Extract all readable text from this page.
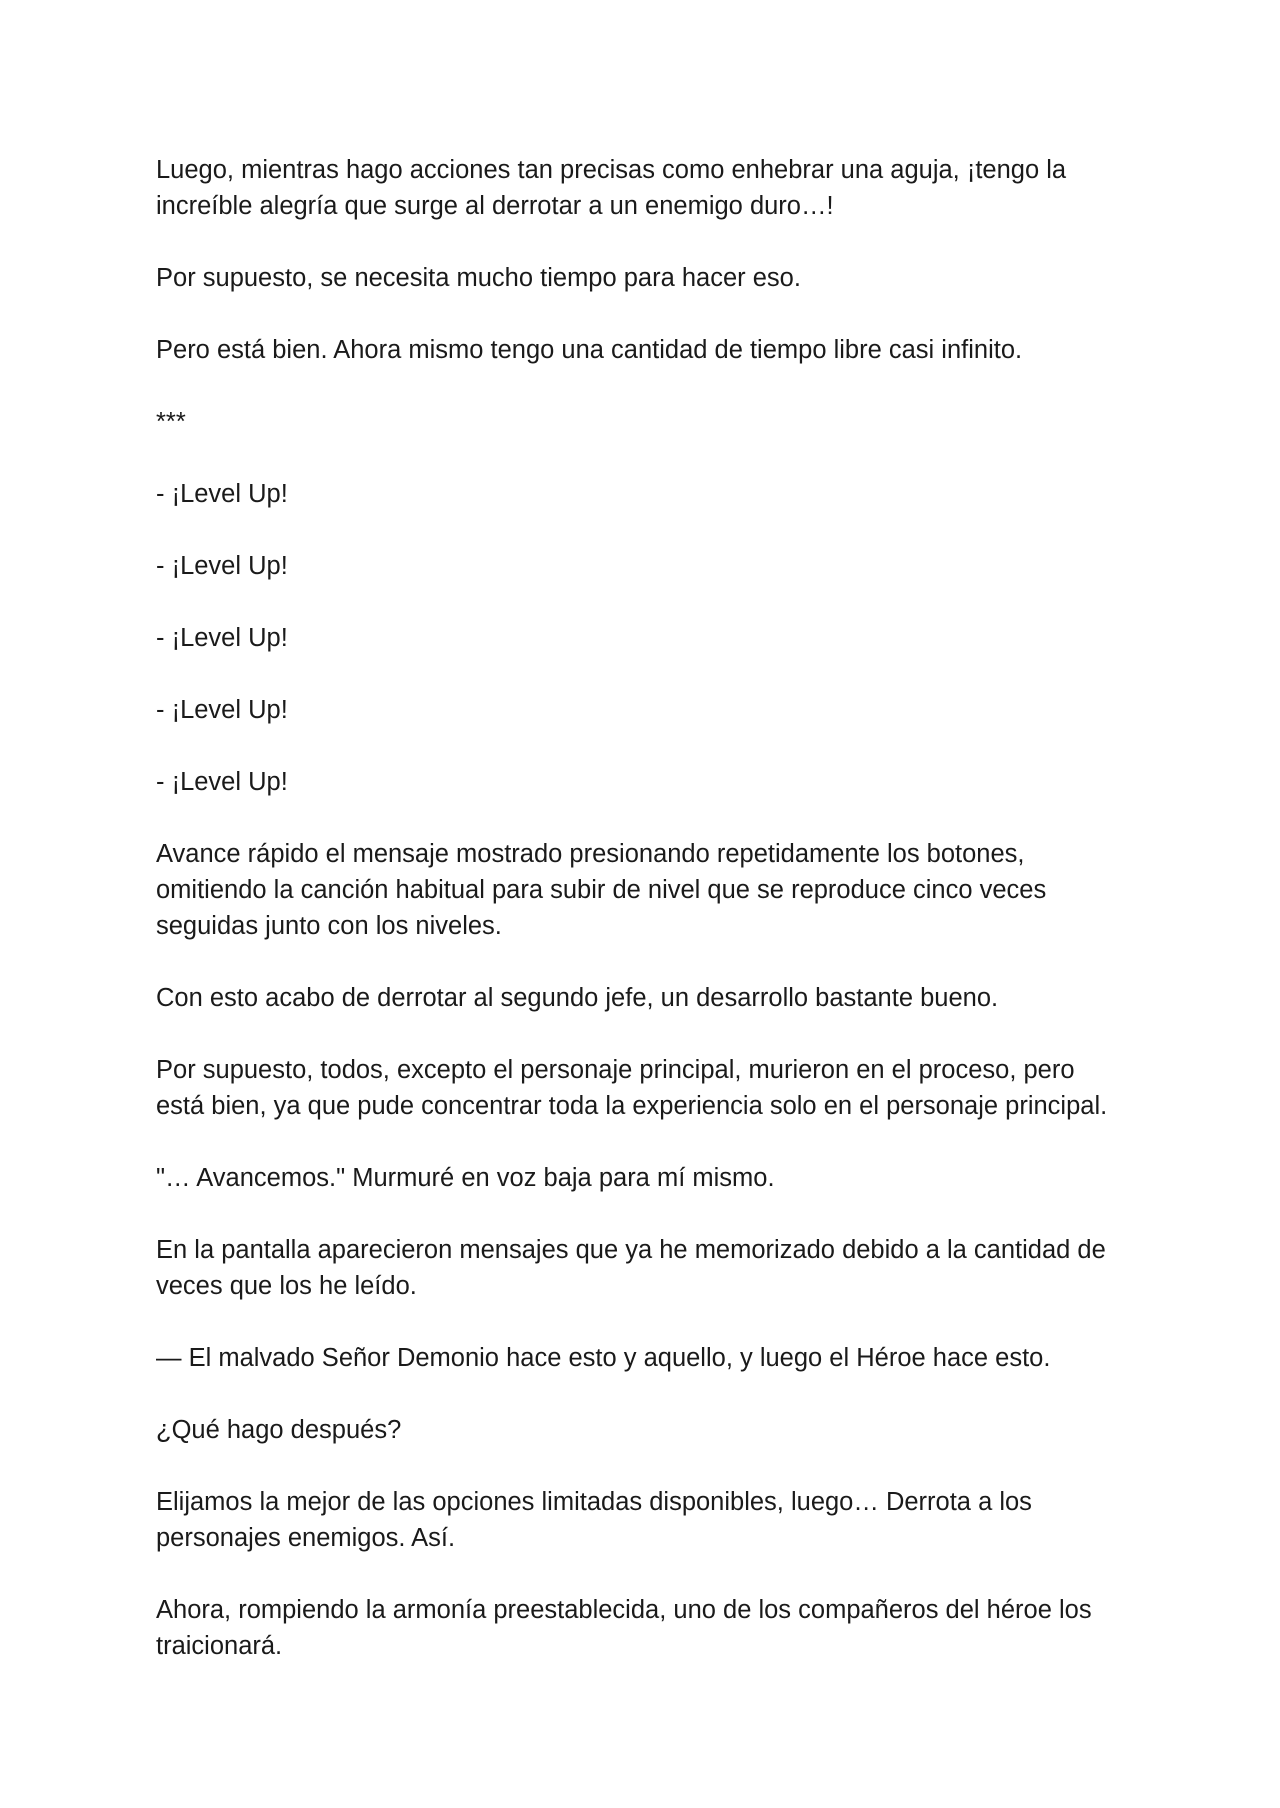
Luego, mientras hago acciones tan precisas como enhebrar una aguja, ¡tengo la
increíble alegría que surge al derrotar a un enemigo duro…!

Por supuesto, se necesita mucho tiempo para hacer eso.

Pero está bien. Ahora mismo tengo una cantidad de tiempo libre casi infinito.

***

- ¡Level Up!

- ¡Level Up!

- ¡Level Up!

- ¡Level Up!

- ¡Level Up!

Avance rápido el mensaje mostrado presionando repetidamente los botones,
omitiendo la canción habitual para subir de nivel que se reproduce cinco veces
seguidas junto con los niveles.

Con esto acabo de derrotar al segundo jefe, un desarrollo bastante bueno.

Por supuesto, todos, excepto el personaje principal, murieron en el proceso, pero
está bien, ya que pude concentrar toda la experiencia solo en el personaje principal.

"… Avancemos." Murmuré en voz baja para mí mismo.

En la pantalla aparecieron mensajes que ya he memorizado debido a la cantidad de
veces que los he leído.

— El malvado Señor Demonio hace esto y aquello, y luego el Héroe hace esto.

¿Qué hago después?

Elijamos la mejor de las opciones limitadas disponibles, luego… Derrota a los
personajes enemigos. Así.

Ahora, rompiendo la armonía preestablecida, uno de los compañeros del héroe los
traicionará.
